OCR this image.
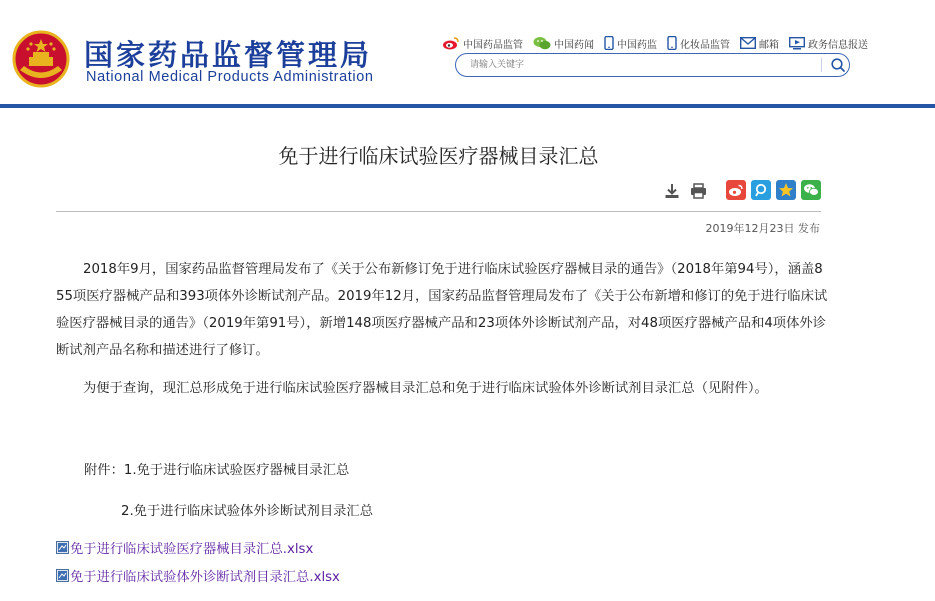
国家药品监督管理局
National Medical Products Administration
中国药品监管	中国药闻 中国药监 化妆品监管	邮箱	政务信息报送
请输入关键字
免于进行临床试验医疗器械目录汇总
2019年12月23日 发布

2018年9月，国家药品监督管理局发布了《关于公布新修订免于进行临床试验医疗器械目录的通告》（2018年第94号），涵盖855项医疗器械产品和393项体外诊断试剂产品。2019年12月，国家药品监督管理局发布了《关于公布新增和修订的免于进行临床试验医疗器械目录的通告》（2019年第91号），新增148项医疗器械产品和23项体外诊断试剂产品，对48项医疗器械产品和4项体外诊断试剂产品名称和描述进行了修订。

为便于查询，现汇总形成免于进行临床试验医疗器械目录汇总和免于进行临床试验体外诊断试剂目录汇总（见附件）。

附件：1.免于进行临床试验医疗器械目录汇总
2.免于进行临床试验体外诊断试剂目录汇总
免于进行临床试验医疗器械目录汇总.xlsx
免于进行临床试验体外诊断试剂目录汇总.xlsx
